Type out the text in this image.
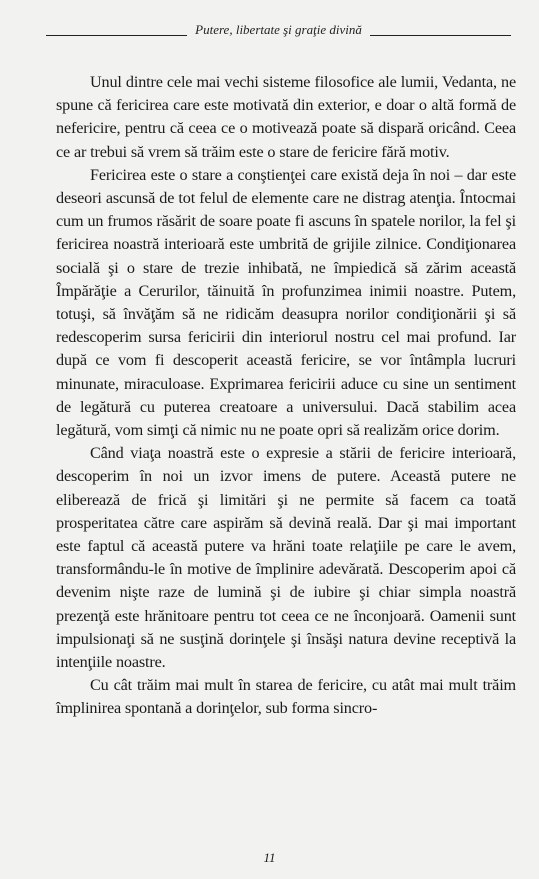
Putere, libertate şi graţie divină

Unul dintre cele mai vechi sisteme filosofice ale lumii, Vedanta, ne spune că fericirea care este motivată din exterior, e doar o altă formă de nefericire, pentru că ceea ce o motivează poate să dispară oricând. Ceea ce ar trebui să vrem să trăim este o stare de fericire fără motiv.

Fericirea este o stare a conştienţei care există deja în noi – dar este deseori ascunsă de tot felul de elemente care ne distrag atenţia. Întocmai cum un frumos răsărit de soare poate fi ascuns în spatele norilor, la fel şi fericirea noastră interioară este umbrită de grijile zilnice. Condiţionarea socială şi o stare de trezie inhibată, ne împiedică să zărim această Împărăţie a Cerurilor, tăinuită în profunzimea inimii noastre. Putem, totuşi, să învăţăm să ne ridicăm deasupra norilor condiţionării şi să redescoperim sursa fericirii din interiorul nostru cel mai profund. Iar după ce vom fi descoperit această fericire, se vor întâmpla lucruri minunate, miraculoase. Exprimarea fericirii aduce cu sine un sentiment de legătură cu puterea creatoare a universului. Dacă stabilim acea legătură, vom simţi că nimic nu ne poate opri să realizăm orice dorim.

Când viaţa noastră este o expresie a stării de fericire interioară, descoperim în noi un izvor imens de putere. Această putere ne eliberează de frică şi limitări şi ne permite să facem ca toată prosperitatea către care aspirăm să devină reală. Dar şi mai important este faptul că această putere va hrăni toate relaţiile pe care le avem, transformându-le în motive de împlinire adevărată. Descoperim apoi că devenim nişte raze de lumină şi de iubire şi chiar simpla noastră prezenţă este hrănitoare pentru tot ceea ce ne înconjoară. Oamenii sunt impulsionaţi să ne susţină dorinţele şi însăşi natura devine receptivă la intenţiile noastre.

Cu cât trăim mai mult în starea de fericire, cu atât mai mult trăim împlinirea spontană a dorinţelor, sub forma sincro-

11
